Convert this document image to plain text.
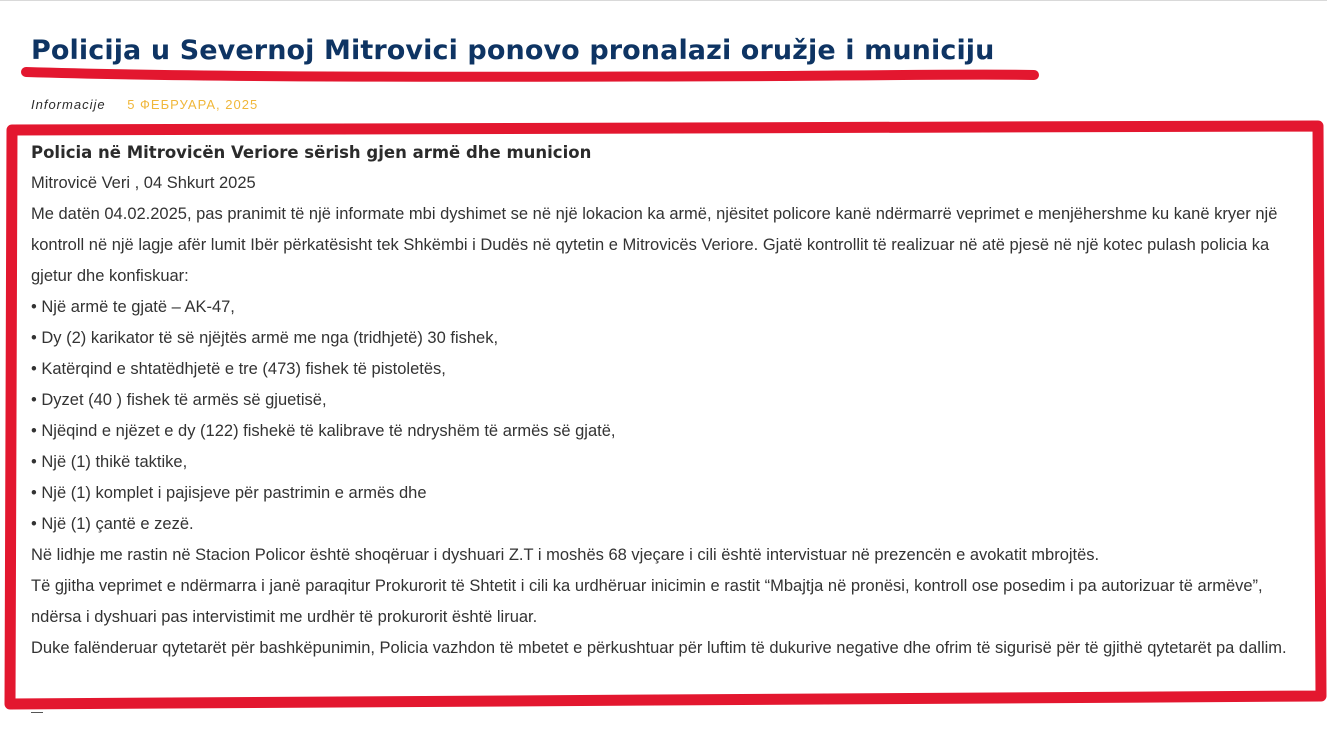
Policija u Severnoj Mitrovici ponovo pronalazi oružje i municiju
Informacije 5 ФЕБРУАРА, 2025

Policia në Mitrovicën Veriore sërish gjen armë dhe municion

Mitrovicë Veri , 04 Shkurt 2025

Me datën 04.02.2025, pas pranimit të një informate mbi dyshimet se në një lokacion ka armë, njësitet policore kanë ndërmarrë veprimet e menjëhershme ku kanë kryer një kontroll në një lagje afër lumit Ibër përkatësisht tek Shkëmbi i Dudës në qytetin e Mitrovicës Veriore. Gjatë kontrollit të realizuar në atë pjesë në një kotec pulash policia ka gjetur dhe konfiskuar:

• Një armë te gjatë – AK-47,

• Dy (2) karikator të së njëjtës armë me nga (tridhjetë) 30 fishek,

• Katërqind e shtatëdhjetë e tre (473) fishek të pistoletës,

• Dyzet (40 ) fishek të armës së gjuetisë,

• Njëqind e njëzet e dy (122) fishekë të kalibrave të ndryshëm të armës së gjatë,

• Një (1) thikë taktike,

• Një (1) komplet i pajisjeve për pastrimin e armës dhe

• Një (1) çantë e zezë.

Në lidhje me rastin në Stacion Policor është shoqëruar i dyshuari Z.T i moshës 68 vjeçare i cili është intervistuar në prezencën e avokatit mbrojtës.

Të gjitha veprimet e ndërmarra i janë paraqitur Prokurorit të Shtetit i cili ka urdhëruar inicimin e rastit “Mbajtja në pronësi, kontroll ose posedim i pa autorizuar të armëve”, ndërsa i dyshuari pas intervistimit me urdhër të prokurorit është liruar.

Duke falënderuar qytetarët për bashkëpunimin, Policia vazhdon të mbetet e përkushtuar për luftim të dukurive negative dhe ofrim të sigurisë për të gjithë qytetarët pa dallim.
